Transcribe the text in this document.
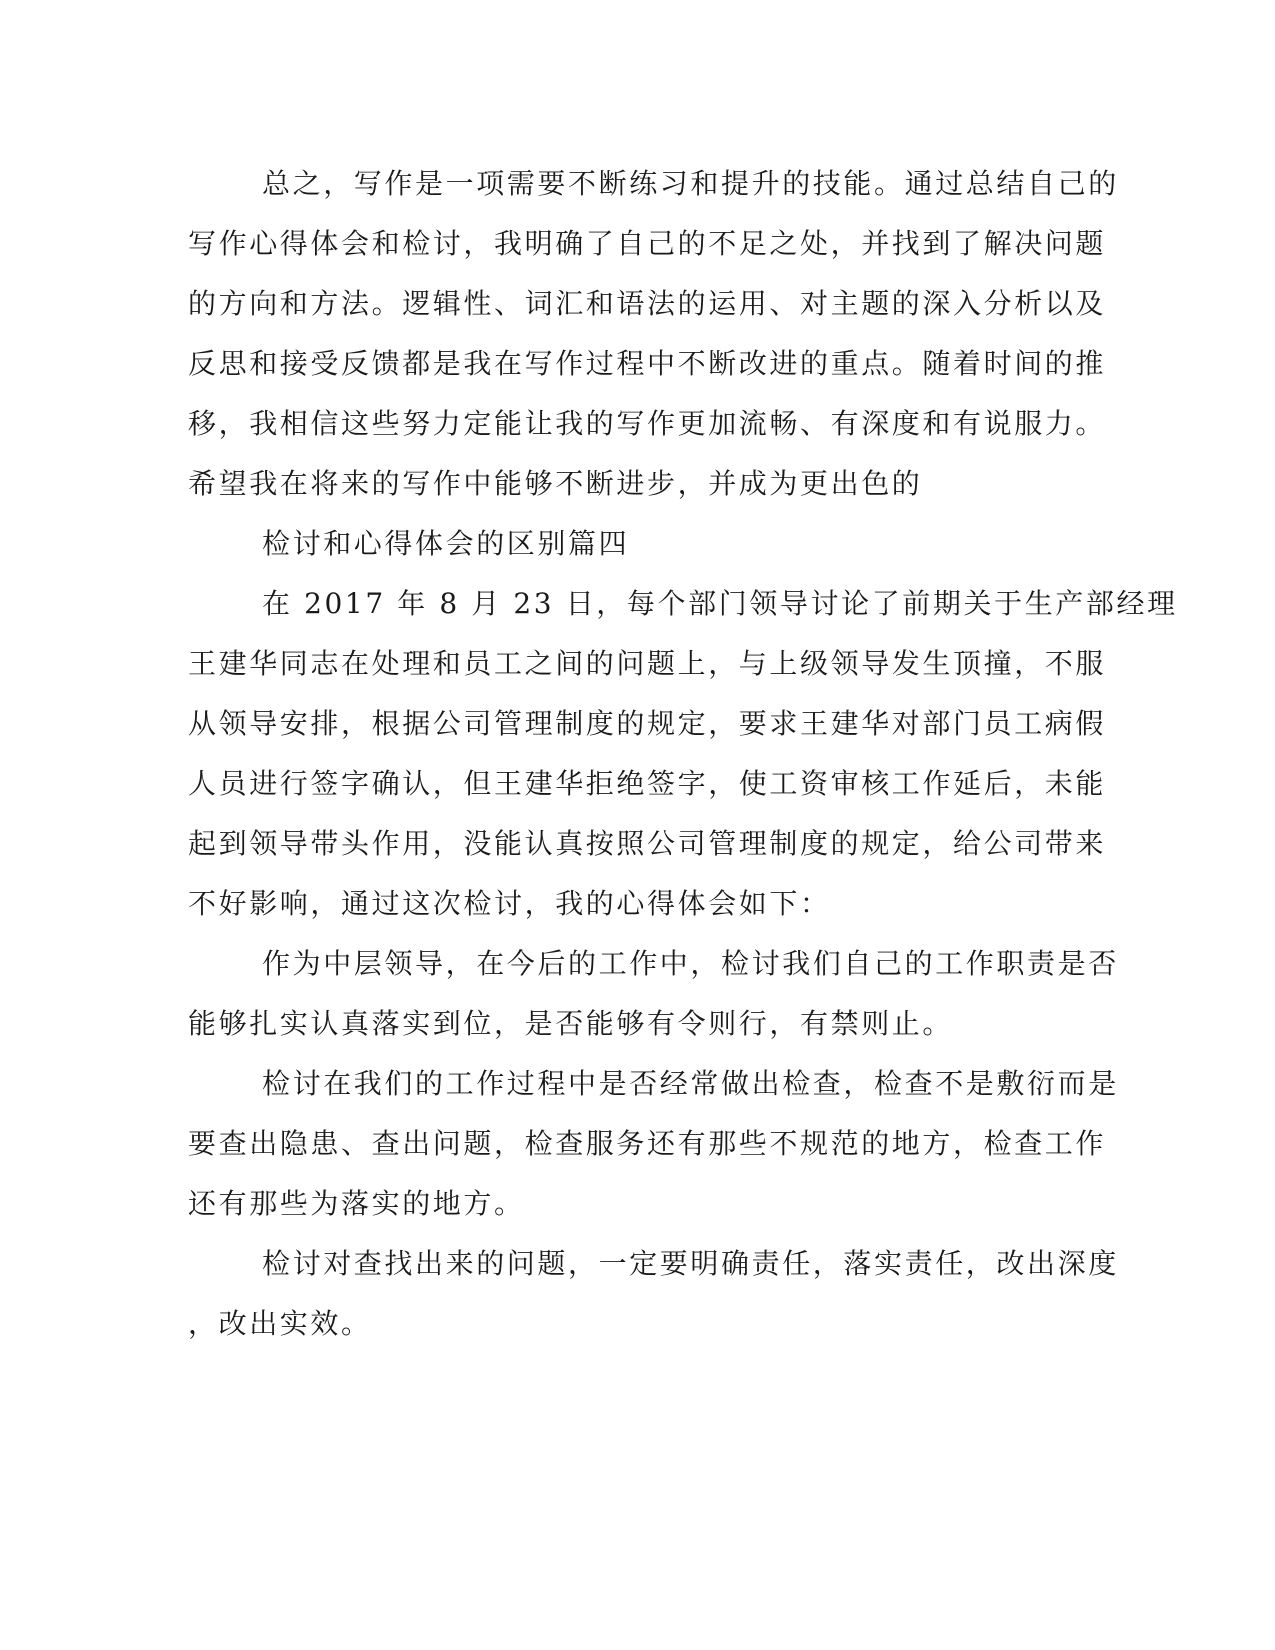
总之，写作是一项需要不断练习和提升的技能。通过总结自己的
写作心得体会和检讨，我明确了自己的不足之处，并找到了解决问题
的方向和方法。逻辑性、词汇和语法的运用、对主题的深入分析以及
反思和接受反馈都是我在写作过程中不断改进的重点。随着时间的推
移，我相信这些努力定能让我的写作更加流畅、有深度和有说服力。
希望我在将来的写作中能够不断进步，并成为更出色的
检讨和心得体会的区别篇四
在 2017 年 8 月 23 日，每个部门领导讨论了前期关于生产部经理
王建华同志在处理和员工之间的问题上，与上级领导发生顶撞，不服
从领导安排，根据公司管理制度的规定，要求王建华对部门员工病假
人员进行签字确认，但王建华拒绝签字，使工资审核工作延后，未能
起到领导带头作用，没能认真按照公司管理制度的规定，给公司带来
不好影响，通过这次检讨，我的心得体会如下：
作为中层领导，在今后的工作中，检讨我们自己的工作职责是否
能够扎实认真落实到位，是否能够有令则行，有禁则止。
检讨在我们的工作过程中是否经常做出检查，检查不是敷衍而是
要查出隐患、查出问题，检查服务还有那些不规范的地方，检查工作
还有那些为落实的地方。
检讨对查找出来的问题，一定要明确责任，落实责任，改出深度
，改出实效。
